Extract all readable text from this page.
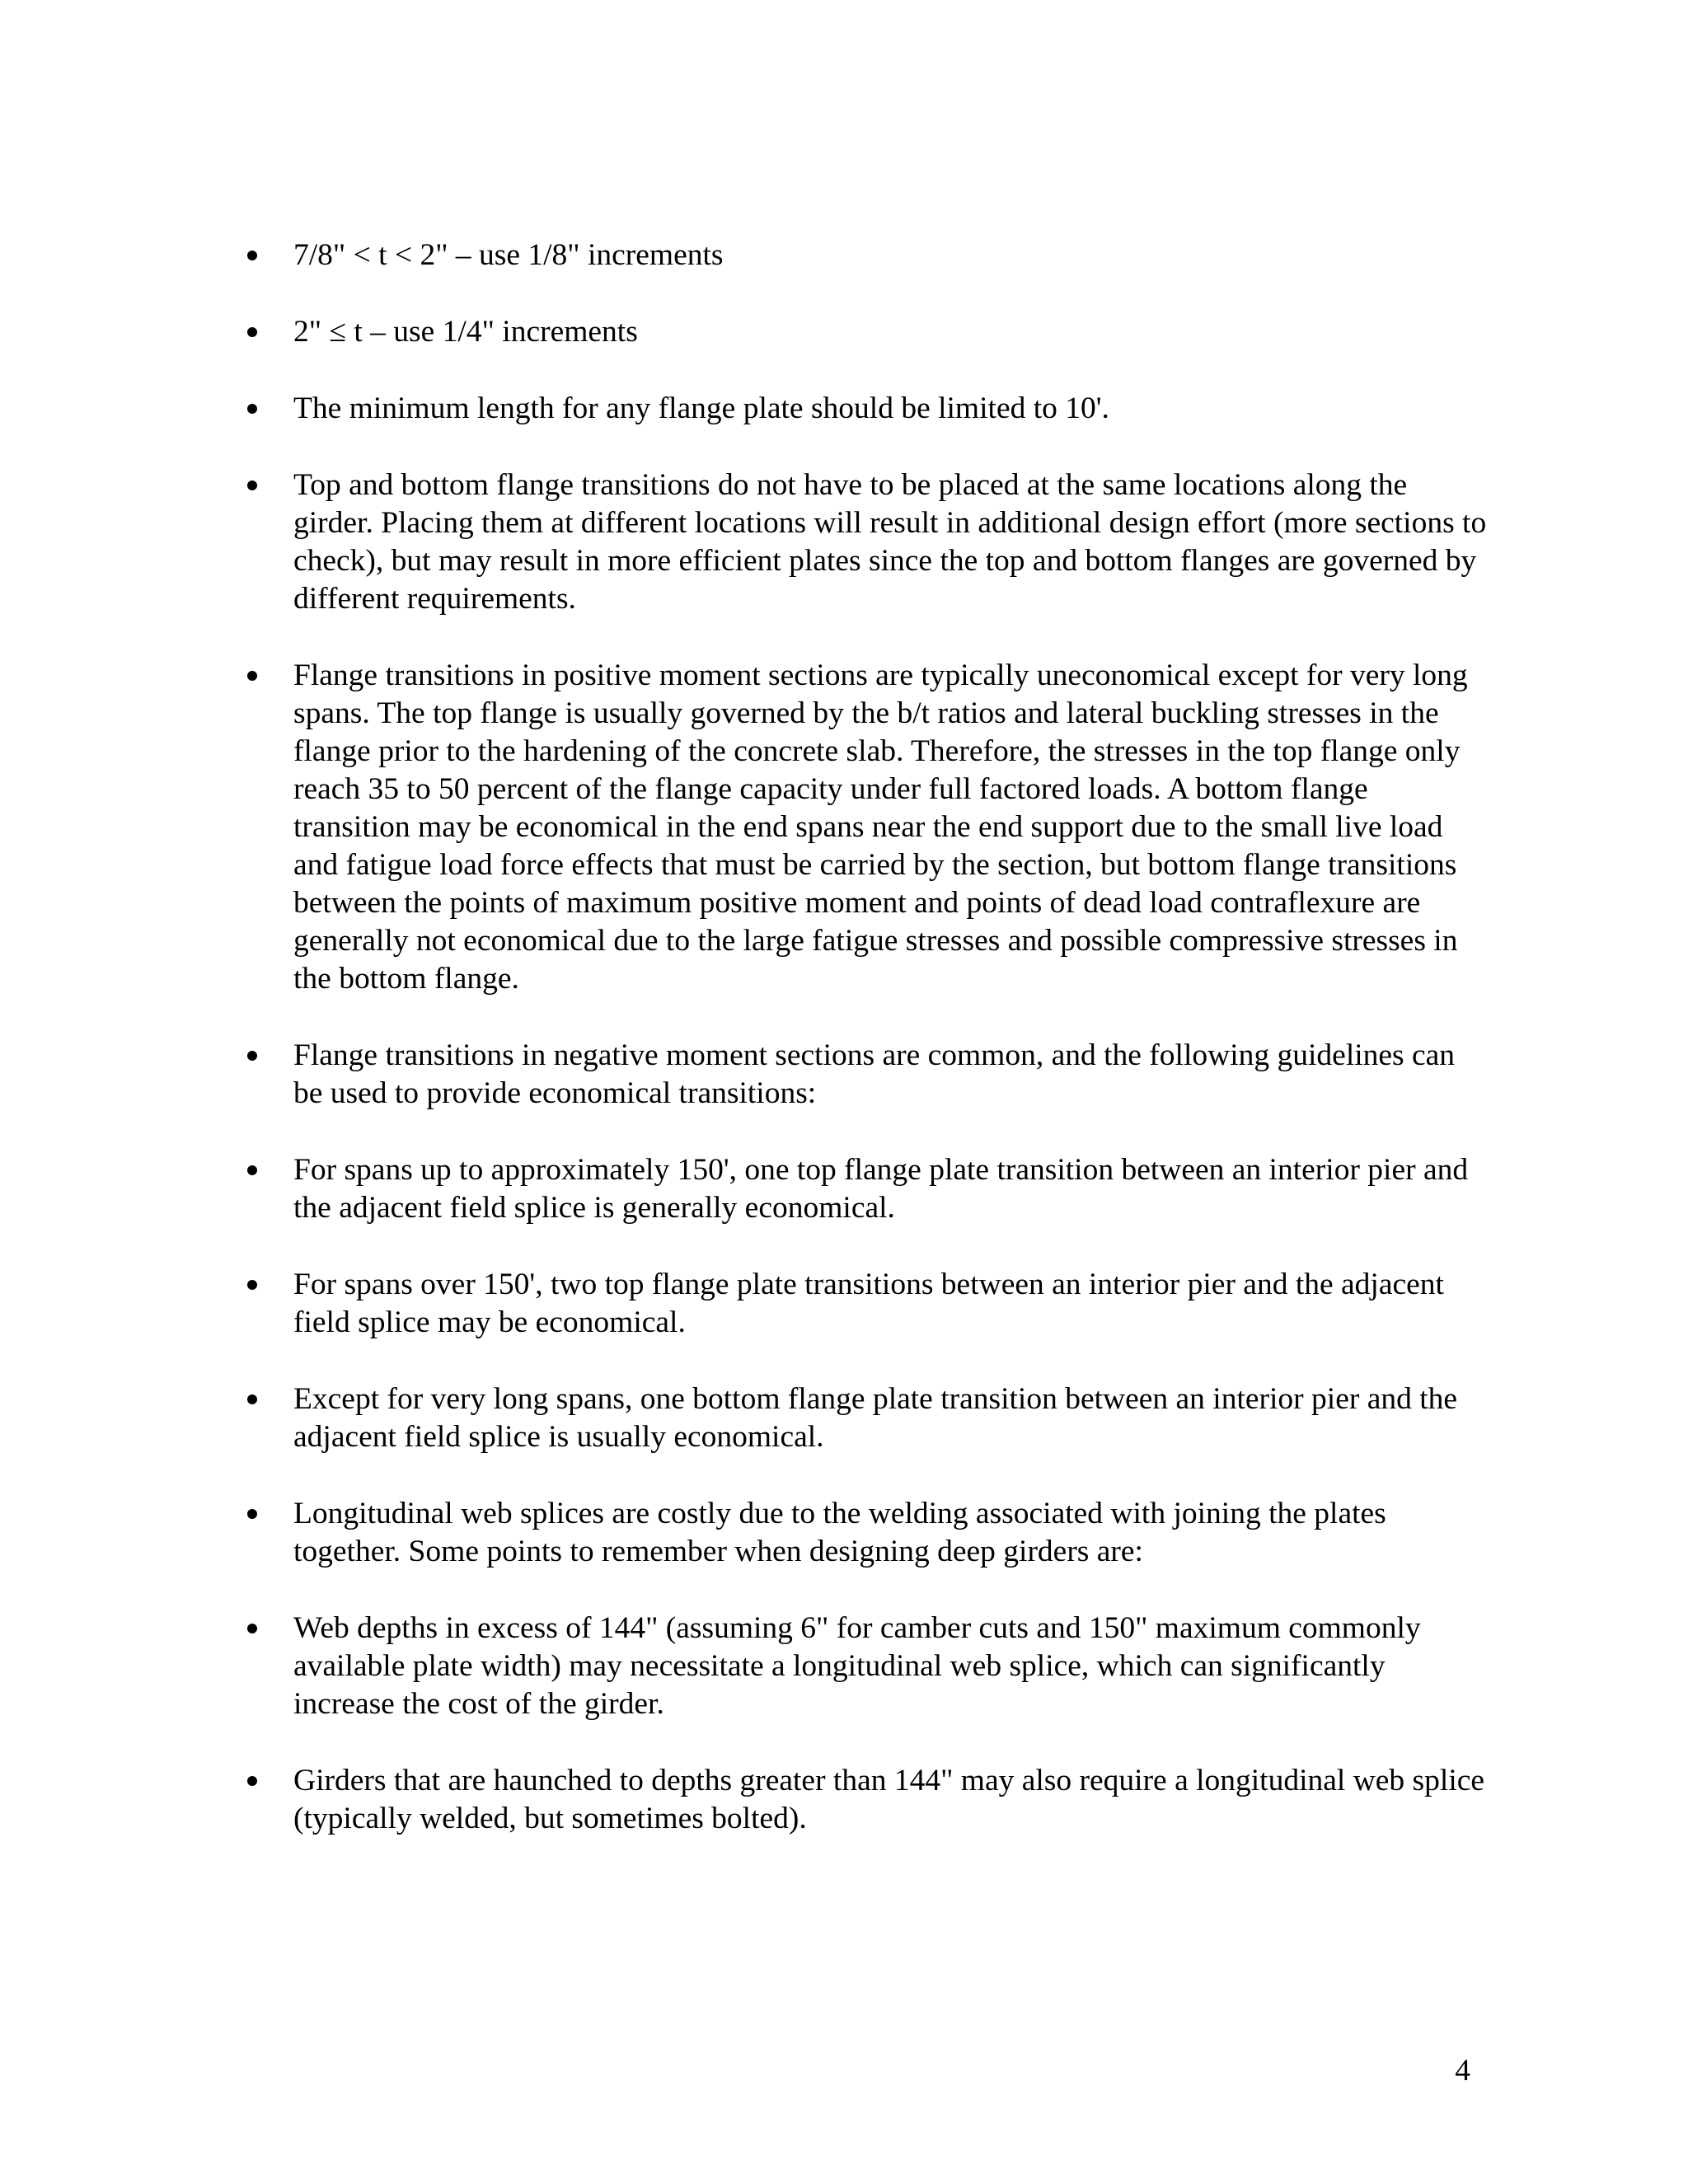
7/8" < t < 2" – use 1/8" increments
2" ≤ t – use 1/4" increments
The minimum length for any flange plate should be limited to 10'.
Top and bottom flange transitions do not have to be placed at the same locations along the girder. Placing them at different locations will result in additional design effort (more sections to check), but may result in more efficient plates since the top and bottom flanges are governed by different requirements.
Flange transitions in positive moment sections are typically uneconomical except for very long spans. The top flange is usually governed by the b/t ratios and lateral buckling stresses in the flange prior to the hardening of the concrete slab. Therefore, the stresses in the top flange only reach 35 to 50 percent of the flange capacity under full factored loads. A bottom flange transition may be economical in the end spans near the end support due to the small live load and fatigue load force effects that must be carried by the section, but bottom flange transitions between the points of maximum positive moment and points of dead load contraflexure are generally not economical due to the large fatigue stresses and possible compressive stresses in the bottom flange.
Flange transitions in negative moment sections are common, and the following guidelines can be used to provide economical transitions:
For spans up to approximately 150', one top flange plate transition between an interior pier and the adjacent field splice is generally economical.
For spans over 150', two top flange plate transitions between an interior pier and the adjacent field splice may be economical.
Except for very long spans, one bottom flange plate transition between an interior pier and the adjacent field splice is usually economical.
Longitudinal web splices are costly due to the welding associated with joining the plates together. Some points to remember when designing deep girders are:
Web depths in excess of 144" (assuming 6" for camber cuts and 150" maximum commonly available plate width) may necessitate a longitudinal web splice, which can significantly increase the cost of the girder.
Girders that are haunched to depths greater than 144" may also require a longitudinal web splice (typically welded, but sometimes bolted).
4
